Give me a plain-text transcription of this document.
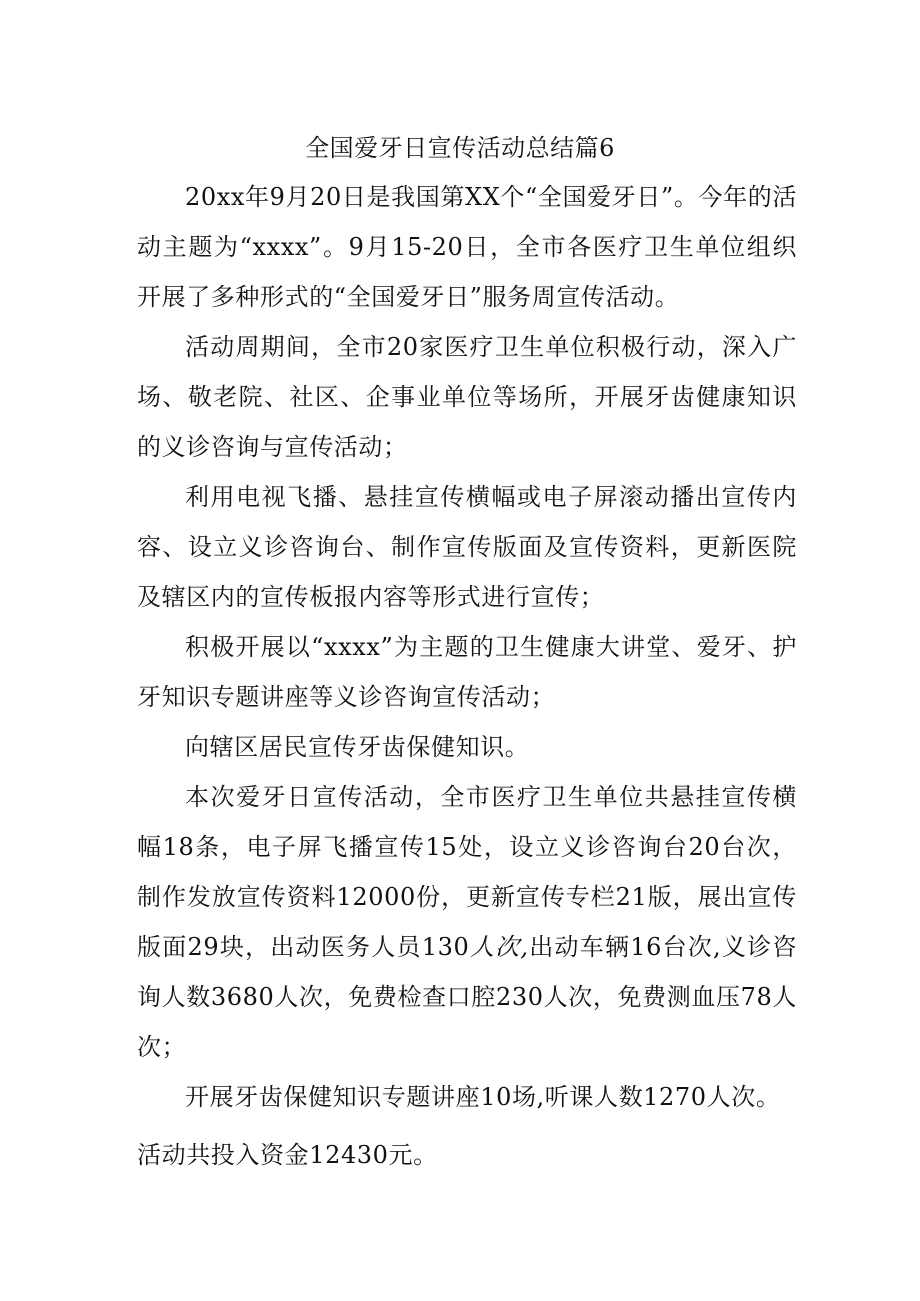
全国爱牙日宣传活动总结篇6

20xx年9月20日是我国第XX个“全国爱牙日”。今年的活动主题为“xxxx”。9月15-20日，全市各医疗卫生单位组织开展了多种形式的“全国爱牙日”服务周宣传活动。

活动周期间，全市20家医疗卫生单位积极行动，深入广场、敬老院、社区、企事业单位等场所，开展牙齿健康知识的义诊咨询与宣传活动；

利用电视飞播、悬挂宣传横幅或电子屏滚动播出宣传内容、设立义诊咨询台、制作宣传版面及宣传资料，更新医院及辖区内的宣传板报内容等形式进行宣传；

积极开展以“xxxx”为主题的卫生健康大讲堂、爱牙、护牙知识专题讲座等义诊咨询宣传活动；

向辖区居民宣传牙齿保健知识。

本次爱牙日宣传活动，全市医疗卫生单位共悬挂宣传横幅18条，电子屏飞播宣传15处，设立义诊咨询台20台次，制作发放宣传资料12000份，更新宣传专栏21版，展出宣传版面29块，出动医务人员130人次,出动车辆16台次,义诊咨询人数3680人次，免费检查口腔230人次，免费测血压78人次；

开展牙齿保健知识专题讲座10场,听课人数1270人次。

活动共投入资金12430元。
